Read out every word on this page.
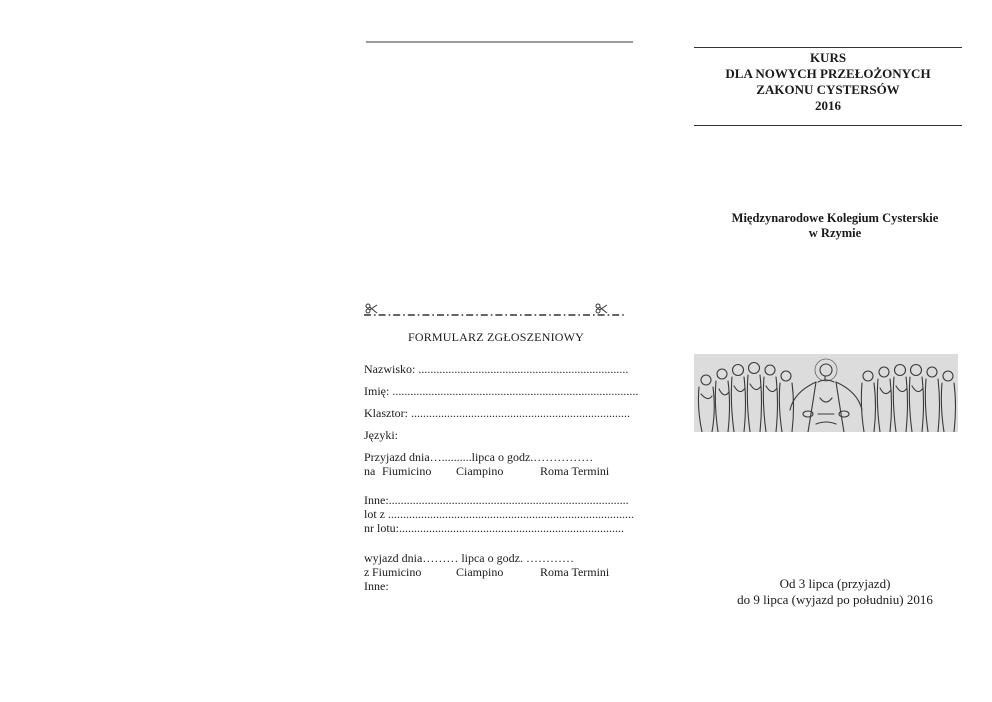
FORMULARZ ZGŁOSZENIOWY
Nazwisko: ......................................................................
Imię: ..................................................................................
Klasztor: .........................................................................
Języki:
Przyjazd dnia…..........lipca o godz.……………
na Fiumicino	Ciampino	Roma Termini
Inne:................................................................................
lot z ..................................................................................
nr lotu:...........................................................................
wyjazd dnia……… lipca o godz. …………
z Fiumicino	Ciampino	Roma Termini
Inne:
KURS
DLA NOWYCH PRZEŁOŻONYCH
ZAKONU CYSTERSÓW
2016
Międzynarodowe Kolegium Cysterskie
w Rzymie
Od 3 lipca (przyjazd)
do 9 lipca (wyjazd po południu) 2016
